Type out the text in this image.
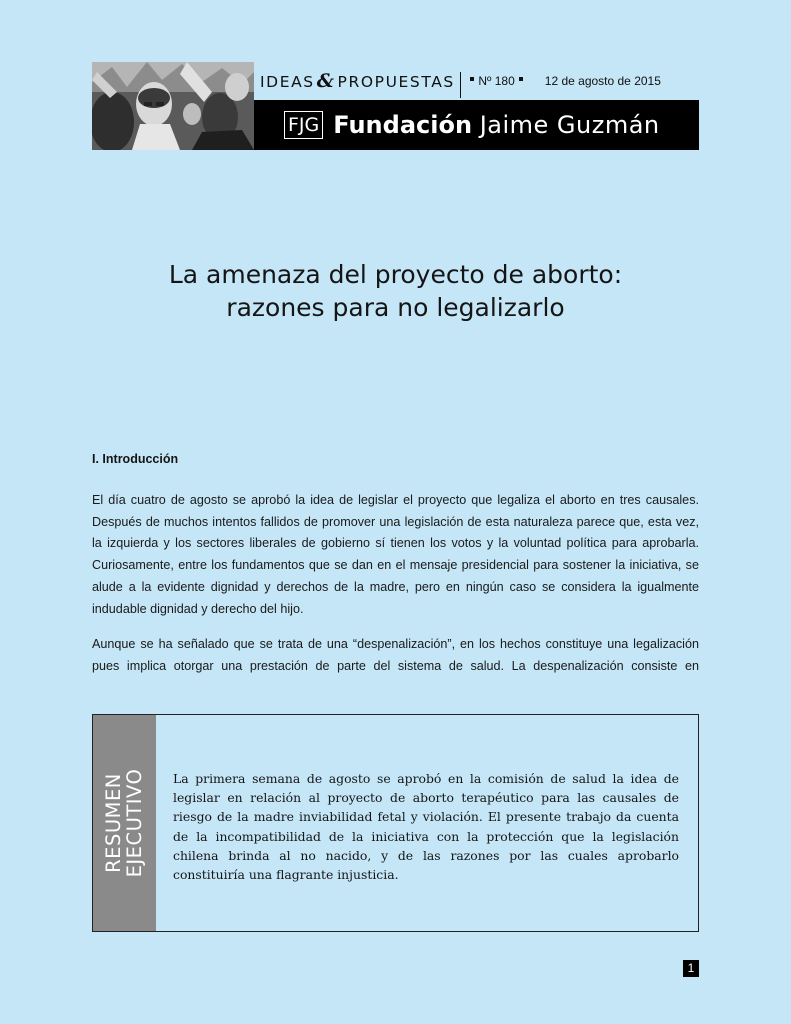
IDEAS & PROPUESTAS Nº 180	12 de agosto de 2015
FJG Fundación Jaime Guzmán
La amenaza del proyecto de aborto:
razones para no legalizarlo
I. Introducción

El día cuatro de agosto se aprobó la idea de legislar el proyecto que legaliza el aborto en tres causales. Después de muchos intentos fallidos de promover una legislación de esta naturaleza parece que, esta vez, la izquierda y los sectores liberales de gobierno sí tienen los votos y la voluntad política para aprobarla. Curiosamente, entre los fundamentos que se dan en el mensaje presidencial para sostener la iniciativa, se alude a la evidente dignidad y derechos de la madre, pero en ningún caso se considera la igualmente indudable dignidad y derecho del hijo.

Aunque se ha señalado que se trata de una “despenalización”, en los hechos constituye una legalización pues implica otorgar una prestación de parte del sistema de salud. La despenalización consiste en

RESUMEN
EJECUTIVO La primera semana de agosto se aprobó en la comisión de salud la idea de legislar en relación al proyecto de aborto terapéutico para las causales de riesgo de la madre inviabilidad fetal y violación. El presente trabajo da cuenta de la incompatibilidad de la iniciativa con la protección que la legislación chilena brinda al no nacido, y de las razones por las cuales aprobarlo constituiría una flagrante injusticia.

1
